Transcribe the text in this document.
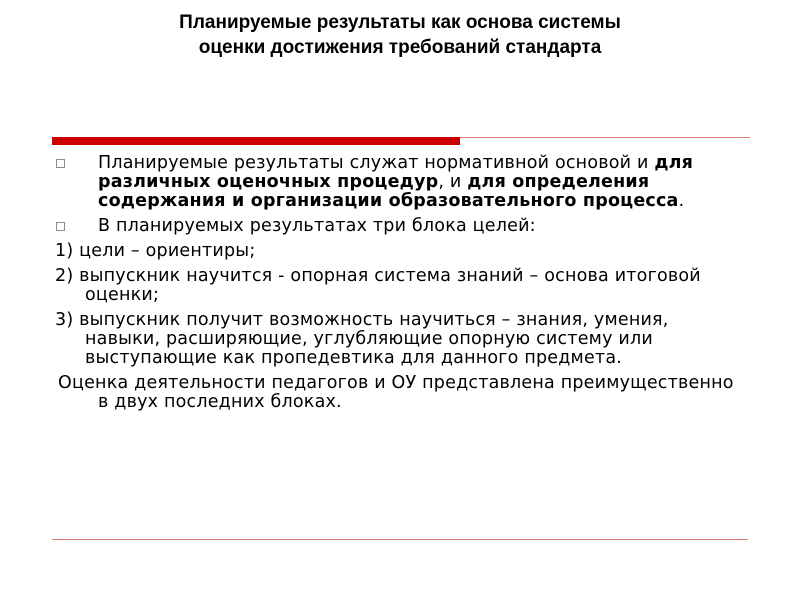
Планируемые результаты как основа системы
оценки достижения требований стандарта
Планируемые результаты служат нормативной основой и для различных оценочных процедур, и для определения содержания и организации образовательного процесса.
В планируемых результатах три блока целей:
1) цели – ориентиры;
2) выпускник научится - опорная система знаний – основа итоговой оценки;
3) выпускник получит возможность научиться – знания, умения, навыки, расширяющие, углубляющие опорную систему или выступающие как пропедевтика для данного предмета.
Оценка деятельности педагогов и ОУ представлена преимущественно в двух последних блоках.
